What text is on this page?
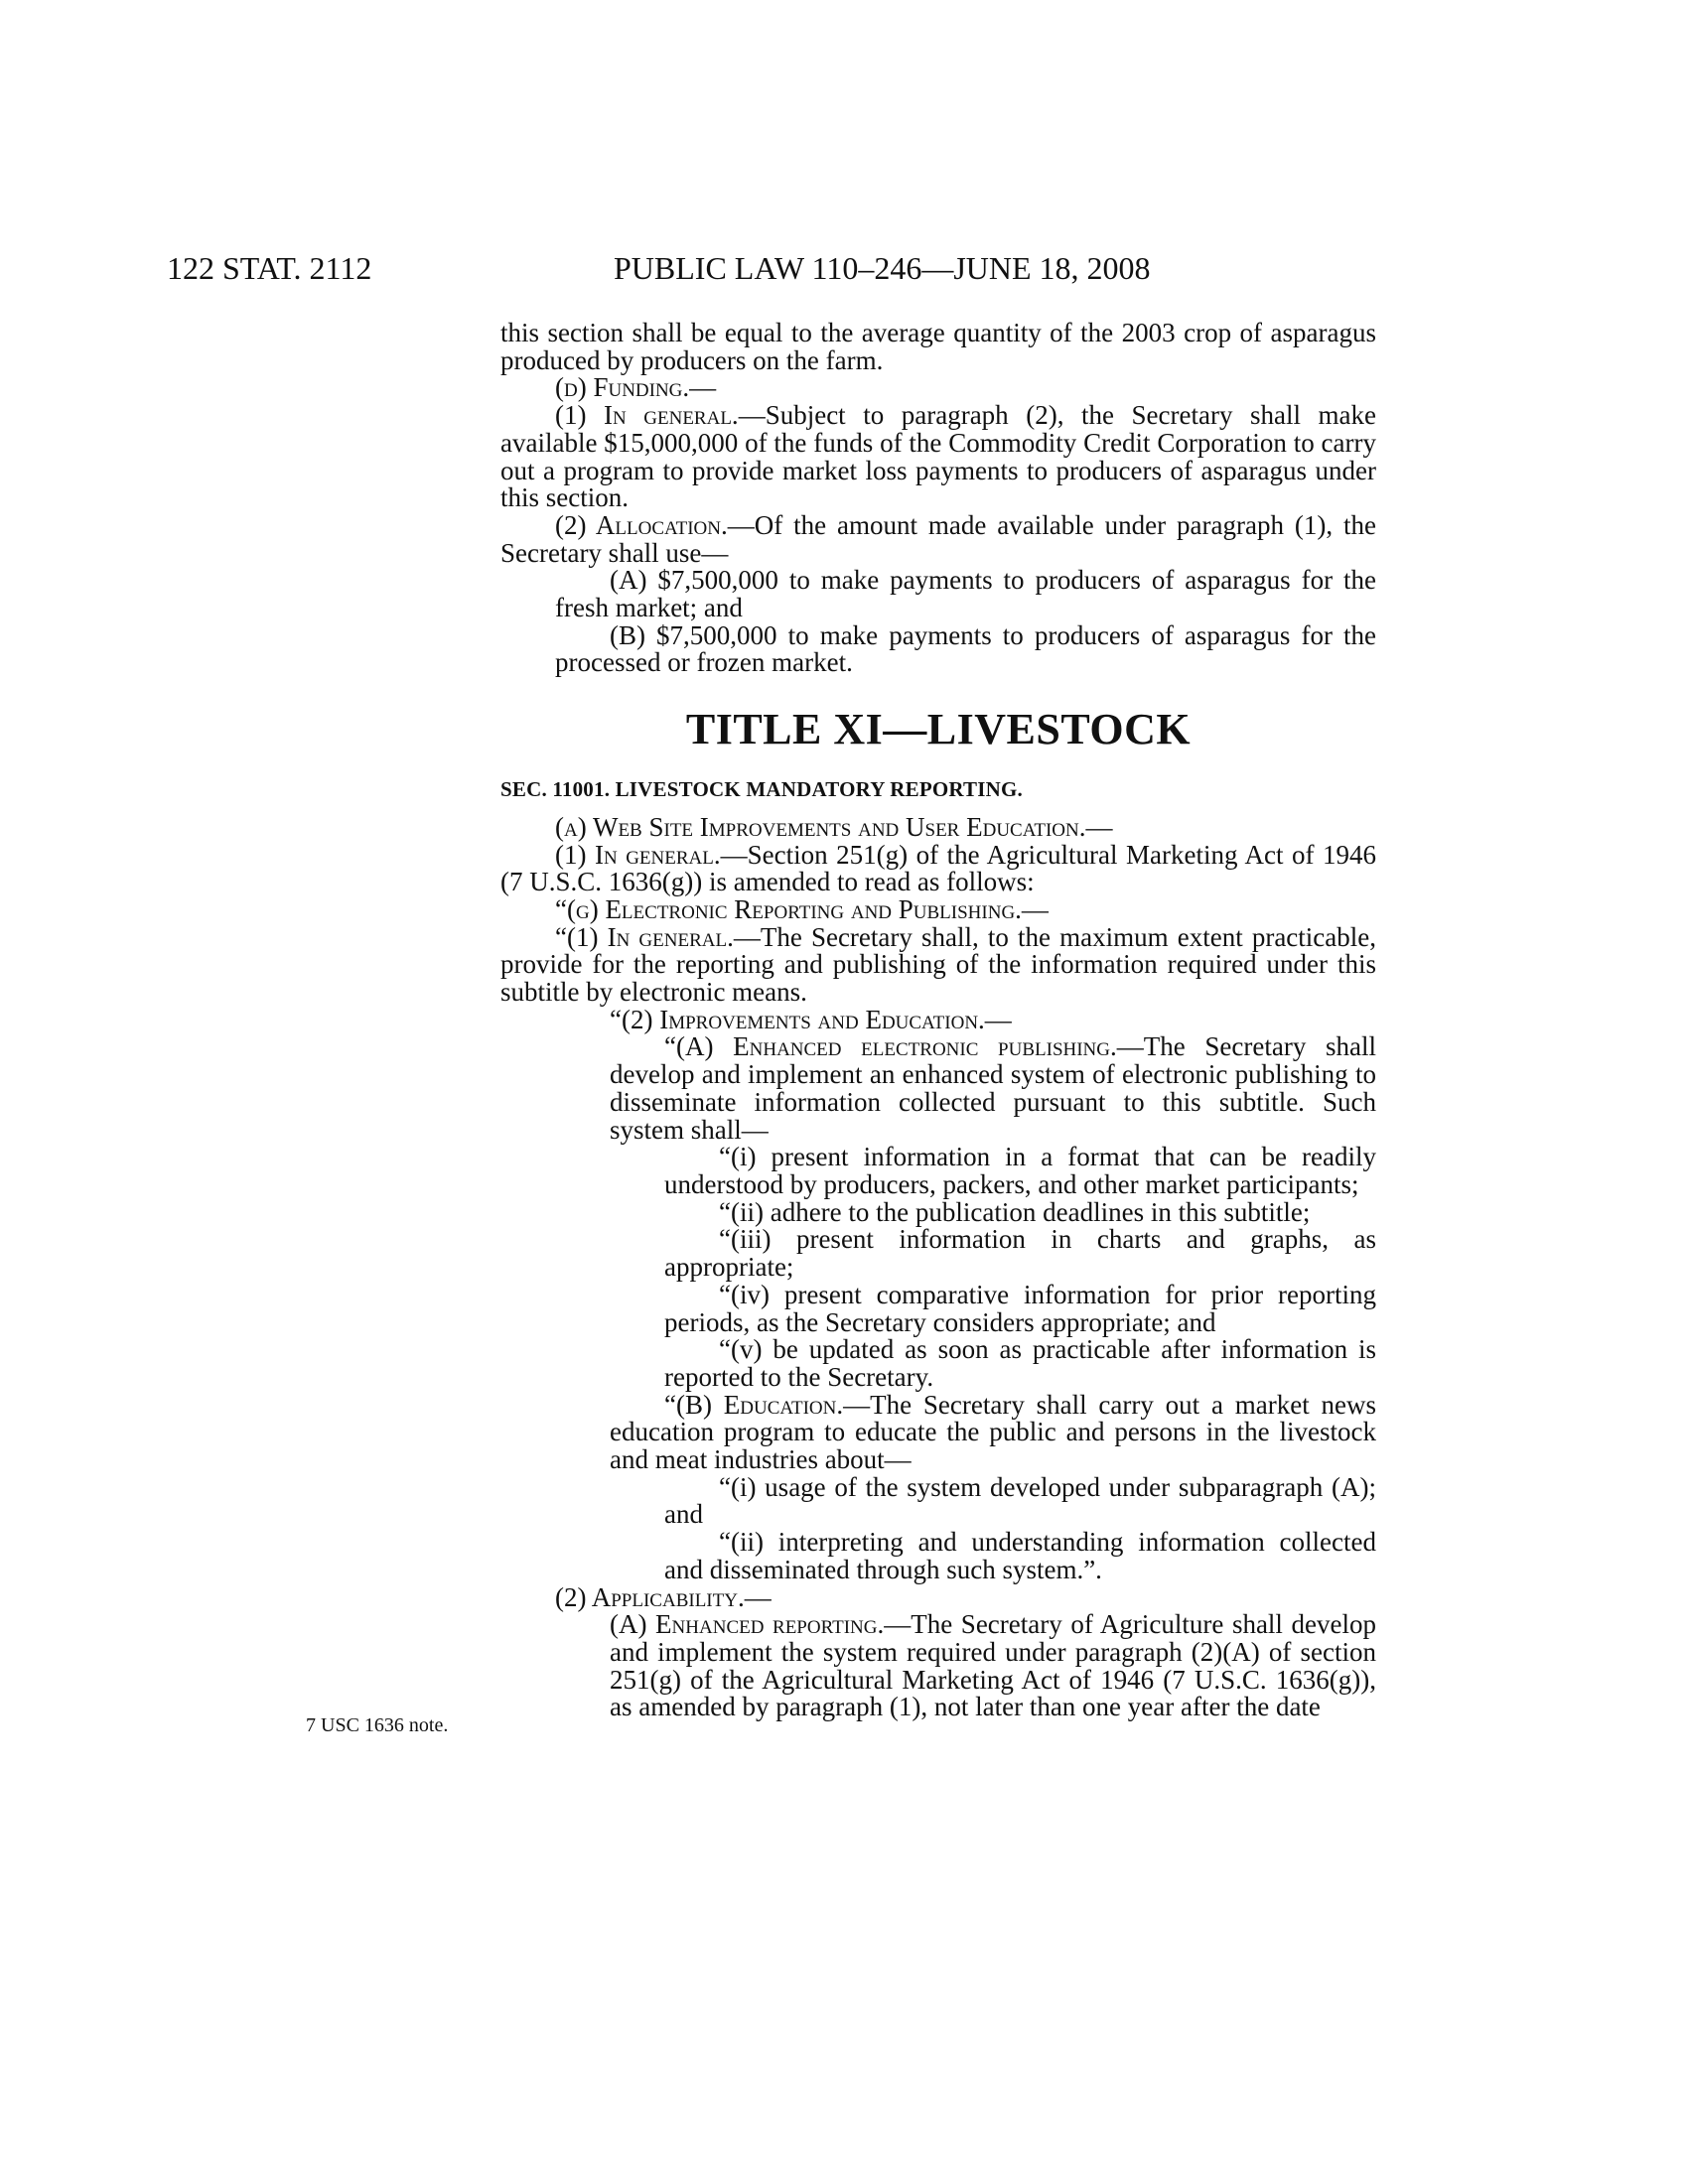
122 STAT. 2112	PUBLIC LAW 110–246—JUNE 18, 2008
7 USC 1636 note.

this section shall be equal to the average quantity of the 2003 crop of asparagus produced by producers on the farm.

(d) Funding.—

(1) In general.—Subject to paragraph (2), the Secretary shall make available $15,000,000 of the funds of the Commodity Credit Corporation to carry out a program to provide market loss payments to producers of asparagus under this section.

(2) Allocation.—Of the amount made available under paragraph (1), the Secretary shall use—

(A) $7,500,000 to make payments to producers of asparagus for the fresh market; and

(B) $7,500,000 to make payments to producers of asparagus for the processed or frozen market.

TITLE XI—LIVESTOCK
SEC. 11001. LIVESTOCK MANDATORY REPORTING.

(a) Web Site Improvements and User Education.—

(1) In general.—Section 251(g) of the Agricultural Marketing Act of 1946 (7 U.S.C. 1636(g)) is amended to read as follows:

“(g) Electronic Reporting and Publishing.—

“(1) In general.—The Secretary shall, to the maximum extent practicable, provide for the reporting and publishing of the information required under this subtitle by electronic means.

“(2) Improvements and Education.—

“(A) Enhanced electronic publishing.—The Secretary shall develop and implement an enhanced system of electronic publishing to disseminate information collected pursuant to this subtitle. Such system shall—

“(i) present information in a format that can be readily understood by producers, packers, and other market participants;

“(ii) adhere to the publication deadlines in this subtitle;

“(iii) present information in charts and graphs, as appropriate;

“(iv) present comparative information for prior reporting periods, as the Secretary considers appropriate; and

“(v) be updated as soon as practicable after information is reported to the Secretary.

“(B) Education.—The Secretary shall carry out a market news education program to educate the public and persons in the livestock and meat industries about—

“(i) usage of the system developed under subparagraph (A); and

“(ii) interpreting and understanding information collected and disseminated through such system.”.

(2) Applicability.—

(A) Enhanced reporting.—The Secretary of Agriculture shall develop and implement the system required under paragraph (2)(A) of section 251(g) of the Agricultural Marketing Act of 1946 (7 U.S.C. 1636(g)), as amended by paragraph (1), not later than one year after the date
